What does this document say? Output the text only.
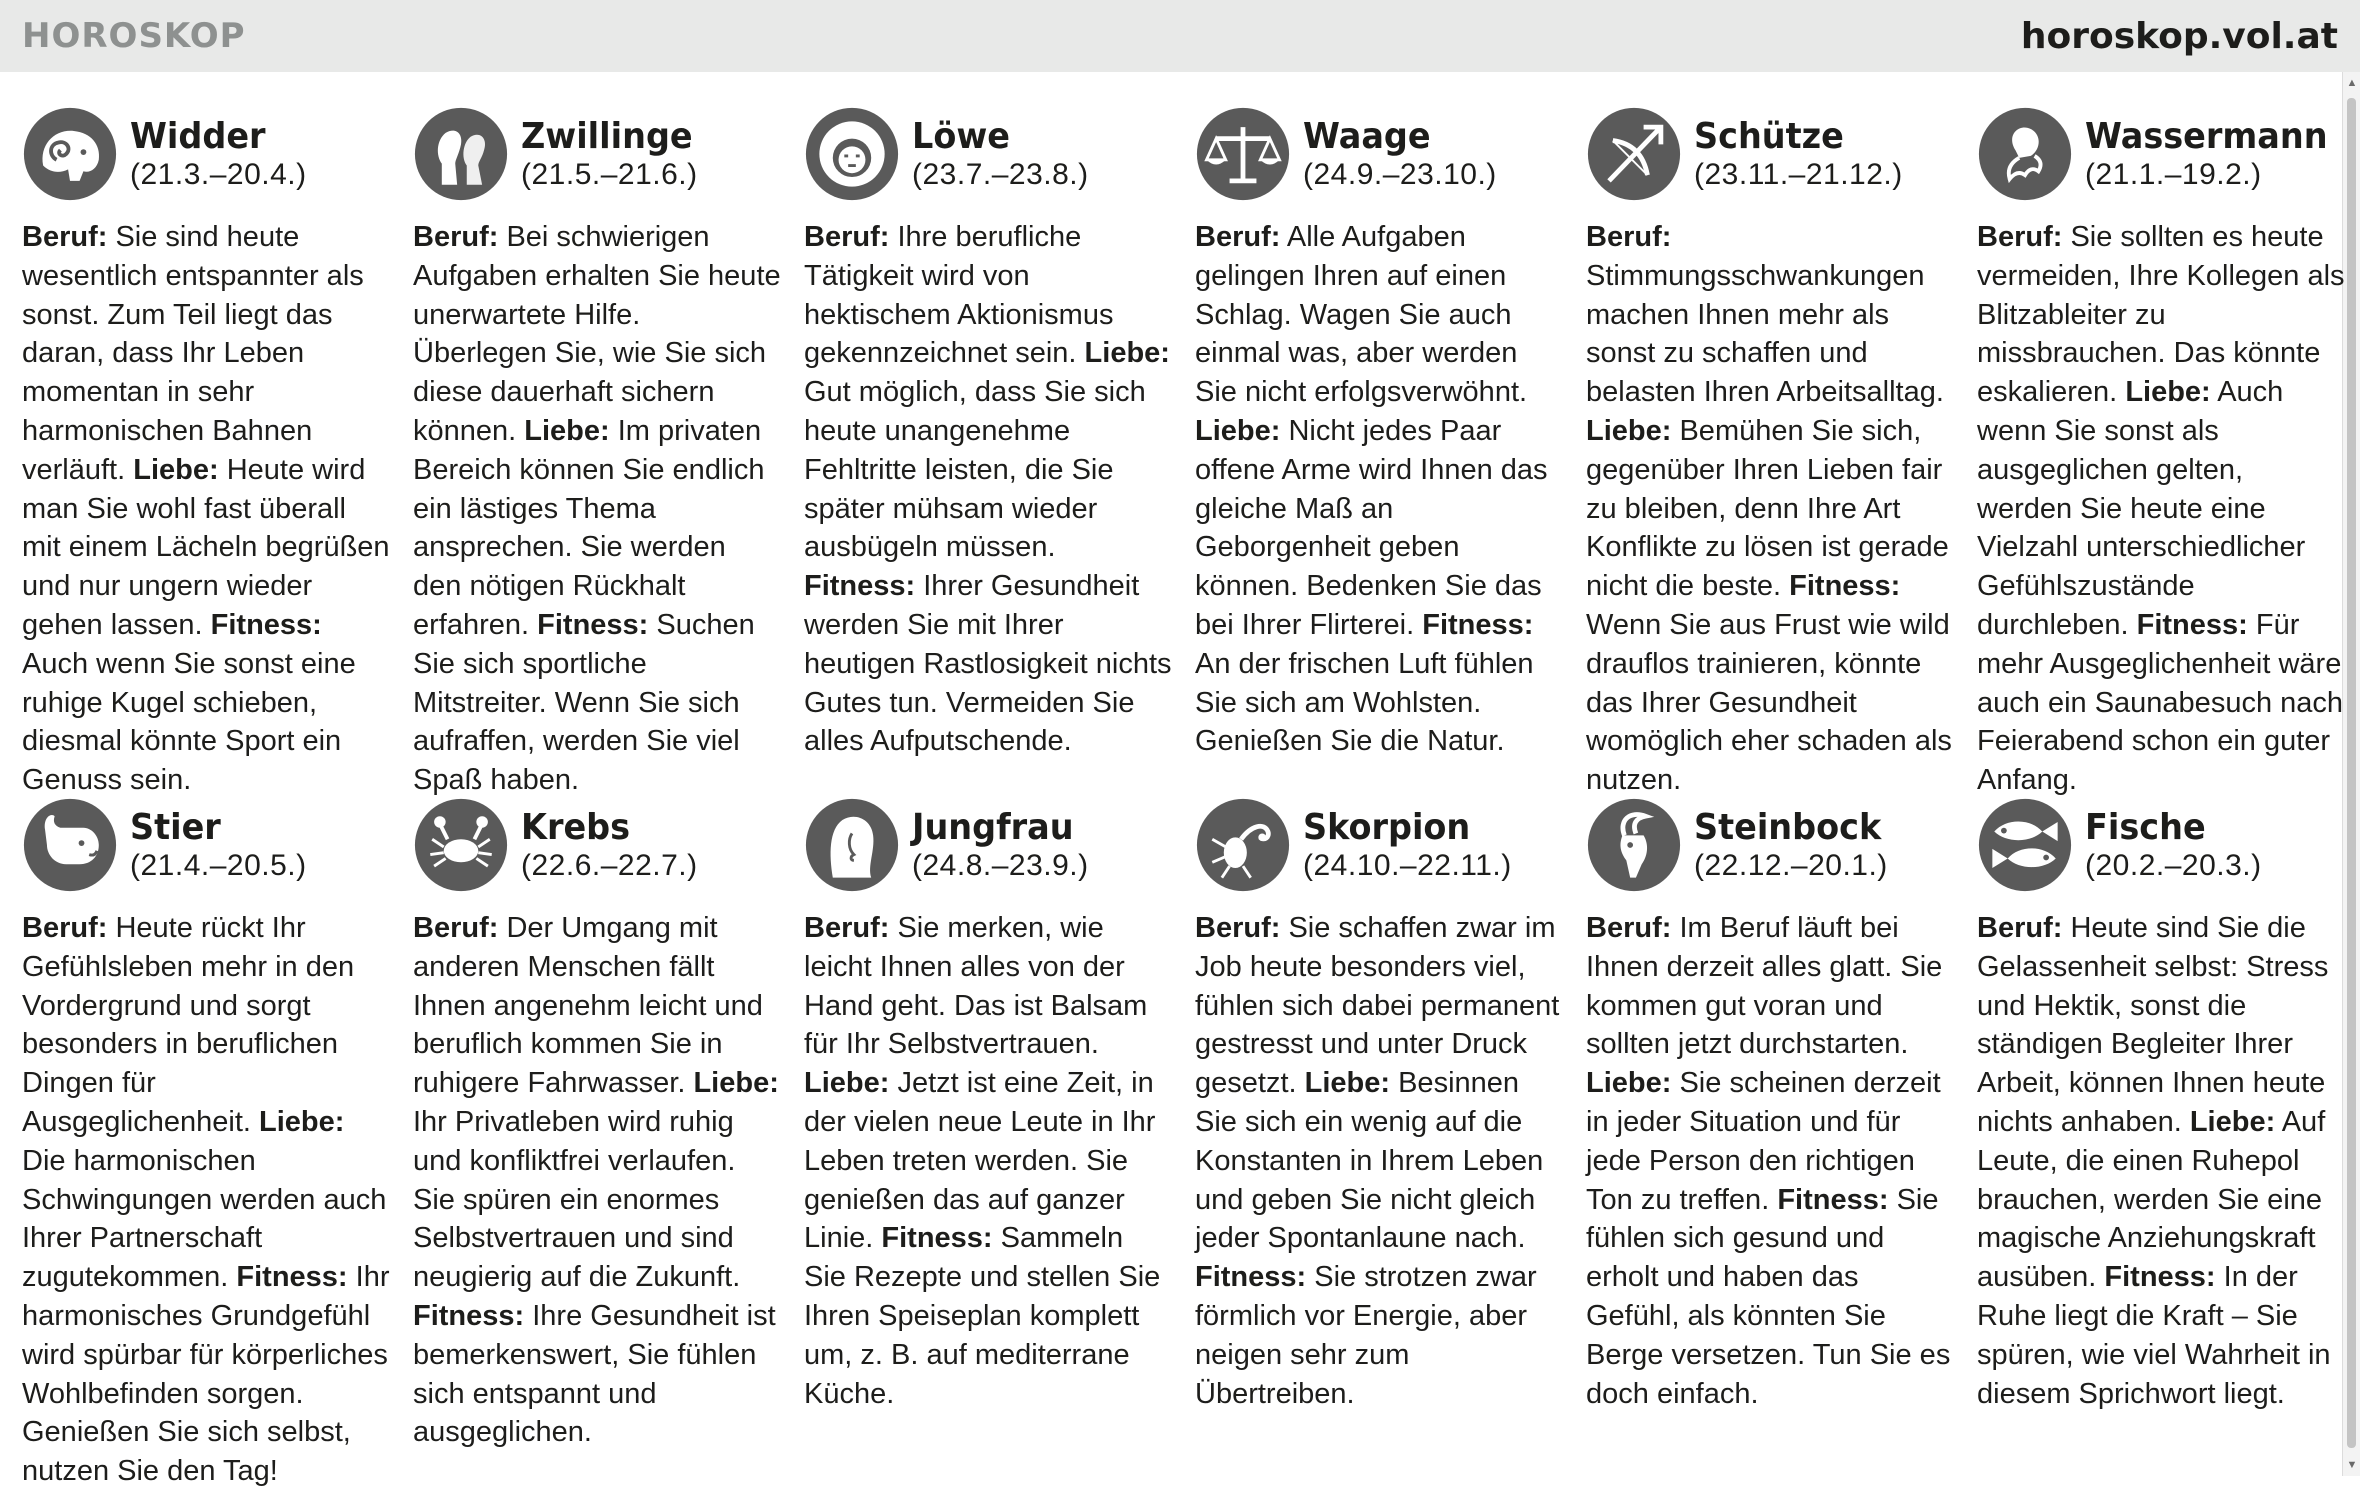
HOROSKOP	horoskop.vol.at
▲
▼
Widder
(21.3.–20.4.)
Beruf: Sie sind heute wesentlich entspannter als sonst. Zum Teil liegt das daran, dass Ihr Leben momentan in sehr harmonischen Bahnen verläuft. Liebe: Heute wird man Sie wohl fast überall mit einem Lächeln begrüßen und nur ungern wieder gehen lassen. Fitness: Auch wenn Sie sonst eine ruhige Kugel schieben, diesmal könnte Sport ein Genuss sein.
Zwillinge
(21.5.–21.6.)
Beruf: Bei schwierigen Aufgaben erhalten Sie heute unerwartete Hilfe. Überlegen Sie, wie Sie sich diese dauerhaft sichern können. Liebe: Im privaten Bereich können Sie endlich ein lästiges Thema ansprechen. Sie werden den nötigen Rückhalt erfahren. Fitness: Suchen Sie sich sportliche Mitstreiter. Wenn Sie sich aufraffen, werden Sie viel Spaß haben.
Löwe
(23.7.–23.8.)
Beruf: Ihre berufliche Tätigkeit wird von hektischem Aktionismus gekennzeichnet sein. Liebe: Gut möglich, dass Sie sich heute unangenehme Fehltritte leisten, die Sie später mühsam wieder ausbügeln müssen. Fitness: Ihrer Gesundheit werden Sie mit Ihrer heutigen Rastlosigkeit nichts Gutes tun. Vermeiden Sie alles Aufputschende.
Waage
(24.9.–23.10.)
Beruf: Alle Aufgaben gelingen Ihren auf einen Schlag. Wagen Sie auch einmal was, aber werden Sie nicht erfolgsverwöhnt. Liebe: Nicht jedes Paar offene Arme wird Ihnen das gleiche Maß an Geborgenheit geben können. Bedenken Sie das bei Ihrer Flirterei. Fitness: An der frischen Luft fühlen Sie sich am Wohlsten. Genießen Sie die Natur.
Schütze
(23.11.–21.12.)
Beruf: Stimmungsschwankungen machen Ihnen mehr als sonst zu schaffen und belasten Ihren Arbeitsalltag. Liebe: Bemühen Sie sich, gegenüber Ihren Lieben fair zu bleiben, denn Ihre Art Konflikte zu lösen ist gerade nicht die beste. Fitness: Wenn Sie aus Frust wie wild drauflos trainieren, könnte das Ihrer Gesundheit womöglich eher schaden als nutzen.
Wassermann
(21.1.–19.2.)
Beruf: Sie sollten es heute vermeiden, Ihre Kollegen als Blitzableiter zu missbrauchen. Das könnte eskalieren. Liebe: Auch wenn Sie sonst als ausgeglichen gelten, werden Sie heute eine Vielzahl unterschiedlicher Gefühlszustände durchleben. Fitness: Für mehr Ausgeglichenheit wäre auch ein Saunabesuch nach Feierabend schon ein guter Anfang.
Stier
(21.4.–20.5.)
Beruf: Heute rückt Ihr Gefühlsleben mehr in den Vordergrund und sorgt besonders in beruflichen Dingen für Ausgeglichenheit. Liebe: Die harmonischen Schwingungen werden auch Ihrer Partnerschaft zugutekommen. Fitness: Ihr harmonisches Grundgefühl wird spürbar für körperliches Wohlbefinden sorgen. Genießen Sie sich selbst, nutzen Sie den Tag!
Krebs
(22.6.–22.7.)
Beruf: Der Umgang mit anderen Menschen fällt Ihnen angenehm leicht und beruflich kommen Sie in ruhigere Fahrwasser. Liebe: Ihr Privatleben wird ruhig und konfliktfrei verlaufen. Sie spüren ein enormes Selbstvertrauen und sind neugierig auf die Zukunft. Fitness: Ihre Gesundheit ist bemerkenswert, Sie fühlen sich entspannt und ausgeglichen.
Jungfrau
(24.8.–23.9.)
Beruf: Sie merken, wie leicht Ihnen alles von der Hand geht. Das ist Balsam für Ihr Selbstvertrauen. Liebe: Jetzt ist eine Zeit, in der vielen neue Leute in Ihr Leben treten werden. Sie genießen das auf ganzer Linie. Fitness: Sammeln Sie Rezepte und stellen Sie Ihren Speiseplan komplett um, z. B. auf mediterrane Küche.
Skorpion
(24.10.–22.11.)
Beruf: Sie schaffen zwar im Job heute besonders viel, fühlen sich dabei permanent gestresst und unter Druck gesetzt. Liebe: Besinnen Sie sich ein wenig auf die Konstanten in Ihrem Leben und geben Sie nicht gleich jeder Spontanlaune nach. Fitness: Sie strotzen zwar förmlich vor Energie, aber neigen sehr zum Übertreiben.
Steinbock
(22.12.–20.1.)
Beruf: Im Beruf läuft bei Ihnen derzeit alles glatt. Sie kommen gut voran und sollten jetzt durchstarten. Liebe: Sie scheinen derzeit in jeder Situation und für jede Person den richtigen Ton zu treffen. Fitness: Sie fühlen sich gesund und erholt und haben das Gefühl, als könnten Sie Berge versetzen. Tun Sie es doch einfach.
Fische
(20.2.–20.3.)
Beruf: Heute sind Sie die Gelassenheit selbst: Stress und Hektik, sonst die ständigen Begleiter Ihrer Arbeit, können Ihnen heute nichts anhaben. Liebe: Auf Leute, die einen Ruhepol brauchen, werden Sie eine magische Anziehungskraft ausüben. Fitness: In der Ruhe liegt die Kraft – Sie spüren, wie viel Wahrheit in diesem Sprichwort liegt.
